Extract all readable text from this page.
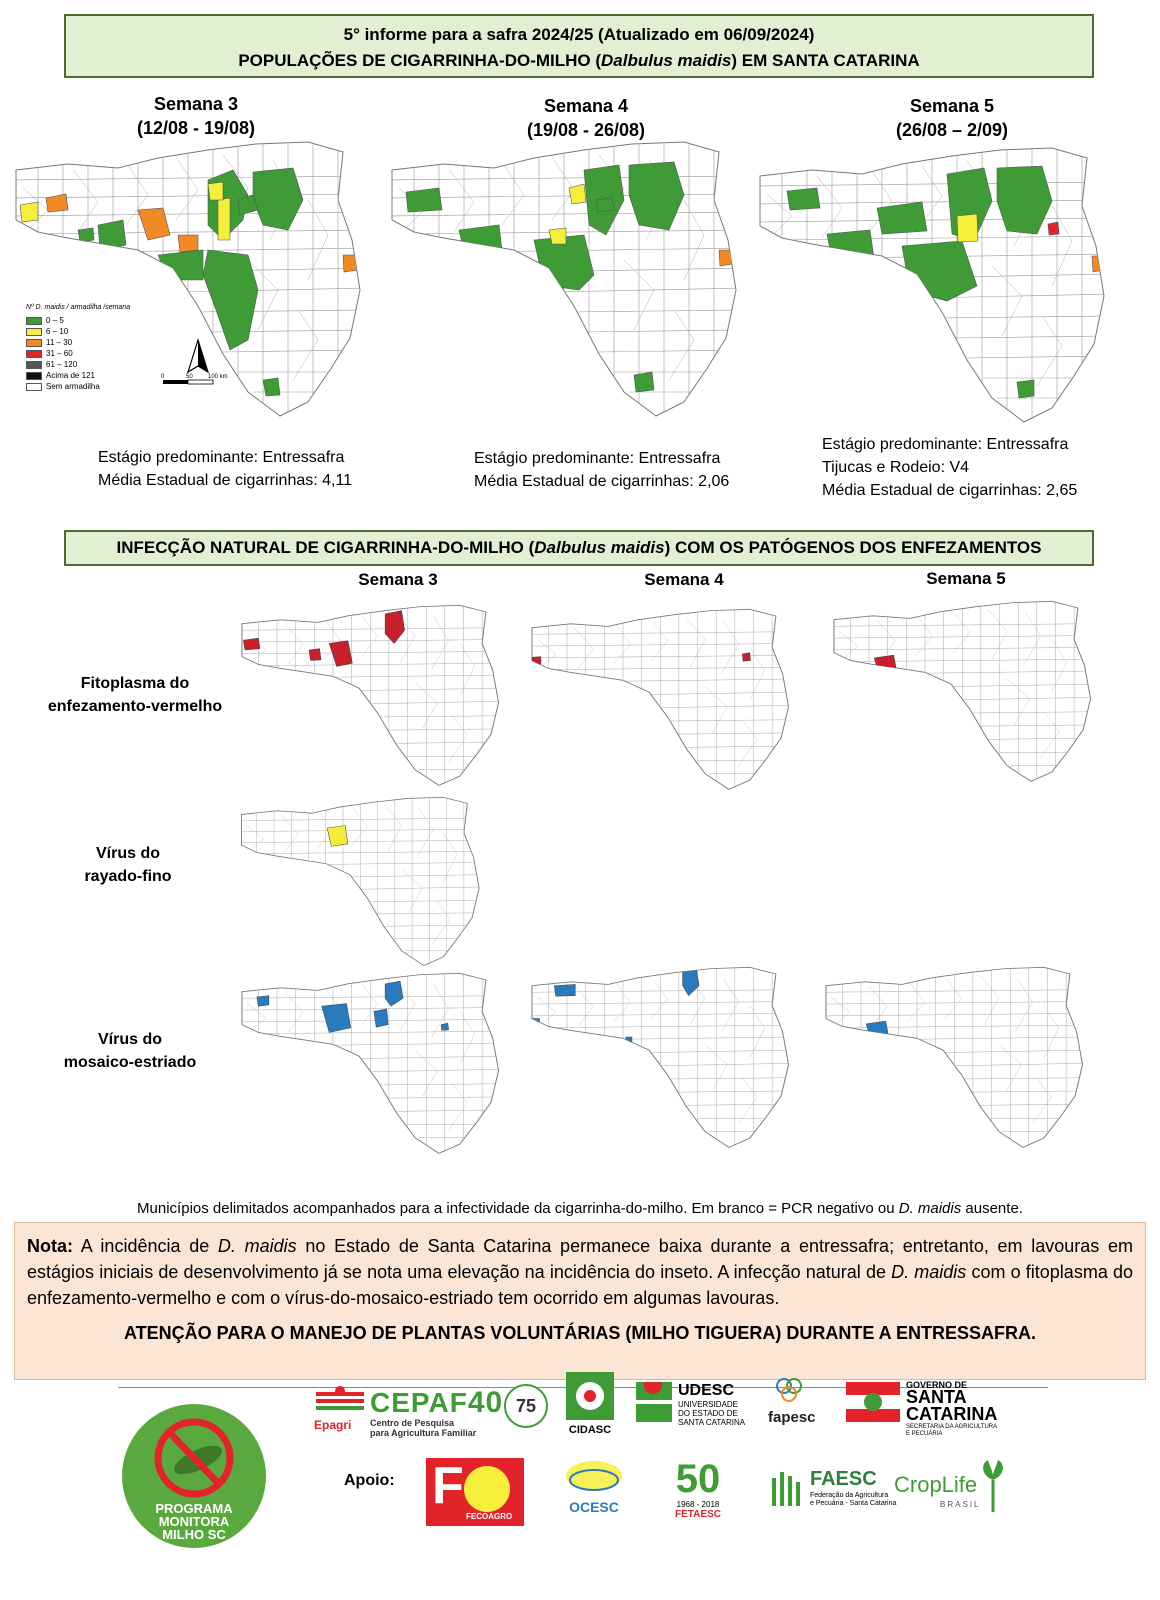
5° informe para a safra 2024/25 (Atualizado em 06/09/2024)
POPULAÇÕES DE CIGARRINHA-DO-MILHO (Dalbulus maidis) EM SANTA CATARINA
Semana 3
(12/08 - 19/08)
Semana 4
(19/08 - 26/08)
Semana 5
(26/08 – 2/09)
0	50	100 km
Nº D. maidis / armadilha /semana
0 – 5
6 – 10
11 – 30
31 – 60
61 – 120
Acima de 121
Sem armadilha
Estágio predominante: Entressafra
Média Estadual de cigarrinhas: 4,11
Estágio predominante: Entressafra
Média Estadual de cigarrinhas: 2,06
Estágio predominante: Entressafra
Tijucas e Rodeio: V4
Média Estadual de cigarrinhas: 2,65
INFECÇÃO NATURAL DE CIGARRINHA-DO-MILHO (Dalbulus maidis) COM OS PATÓGENOS DOS ENFEZAMENTOS
Semana 3	Semana 4	Semana 5
Fitoplasma do
enfezamento-vermelho
Vírus do
rayado-fino
Vírus do
mosaico-estriado
Municípios delimitados acompanhados para a infectividade da cigarrinha-do-milho. Em branco = PCR negativo ou D. maidis ausente.
Nota: A incidência de D. maidis no Estado de Santa Catarina permanece baixa durante a entressafra; entretanto, em lavouras em estágios iniciais de desenvolvimento já se nota uma elevação na incidência do inseto. A infecção natural de D. maidis com o fitoplasma do enfezamento-vermelho e com o vírus-do-mosaico-estriado tem ocorrido em algumas lavouras.
ATENÇÃO PARA O MANEJO DE PLANTAS VOLUNTÁRIAS (MILHO TIGUERA) DURANTE A ENTRESSAFRA.
PROGRAMA
MONITORA
MILHO SC
Epagri
CEPAF40
Centro de Pesquisa
para Agricultura Familiar
75
CIDASC
UDESC
UNIVERSIDADE
DO ESTADO DE
SANTA CATARINA fapesc
GOVERNO DE
SANTA
CATARINA
SECRETARIA DA AGRICULTURA
E PECUÁRIA
Apoio: F
FECOAGRO
OCESC
50
1968 - 2018
FETAESC
FAESC
Federação da Agricultura
e Pecuária - Santa Catarina
CropLife
BRASIL
